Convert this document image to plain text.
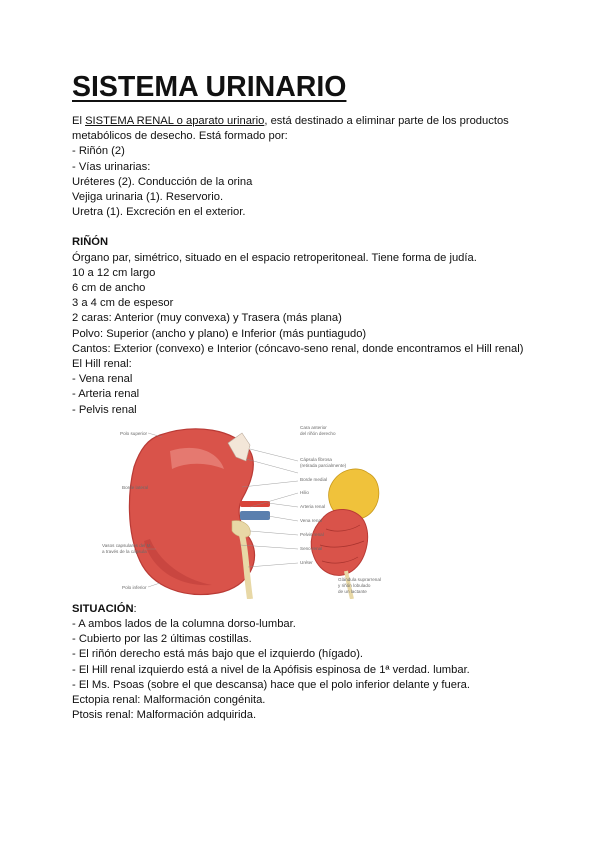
SISTEMA URINARIO
El SISTEMA RENAL o aparato urinario, está destinado a eliminar parte de los productos metabólicos de desecho. Está formado por:
- Riñón (2)
- Vías urinarias:
Uréteres (2). Conducción de la orina
Vejiga urinaria (1). Reservorio.
Uretra (1). Excreción en el exterior.
RIÑÓN
Órgano par, simétrico, situado en el espacio retroperitoneal. Tiene forma de judía.
10 a 12 cm largo
6 cm de ancho
3 a 4 cm de espesor
2 caras: Anterior (muy convexa) y Trasera (más plana)
Polvo: Superior (ancho y plano) e Inferior (más puntiagudo)
Cantos: Exterior (convexo) e Interior (cóncavo-seno renal, donde encontramos el Hill renal)
El Hill renal:
- Vena renal
- Arteria renal
- Pelvis renal
Polo superior
Borde lateral
Vasos capsulares del M.
a través de la cápsula
Polo inferior
Cara anterior
del riñón derecho
Cápsula fibrosa
(retirada parcialmente)
Borde medial
Hilio
Arteria renal
Vena renal
Pelvis renal
Seno renal
Uréter
Glándula suprarrenal
y riñón lobulado
de un lactante
SITUACIÓN:
- A ambos lados de la columna dorso-lumbar.
- Cubierto por las 2 últimas costillas.
- El riñón derecho está más bajo que el izquierdo (hígado).
- El Hill renal izquierdo está a nivel de la Apófisis espinosa de 1ª verdad. lumbar.
- El Ms. Psoas (sobre el que descansa) hace que el polo inferior delante y fuera.
Ectopia renal: Malformación congénita.
Ptosis renal: Malformación adquirida.
